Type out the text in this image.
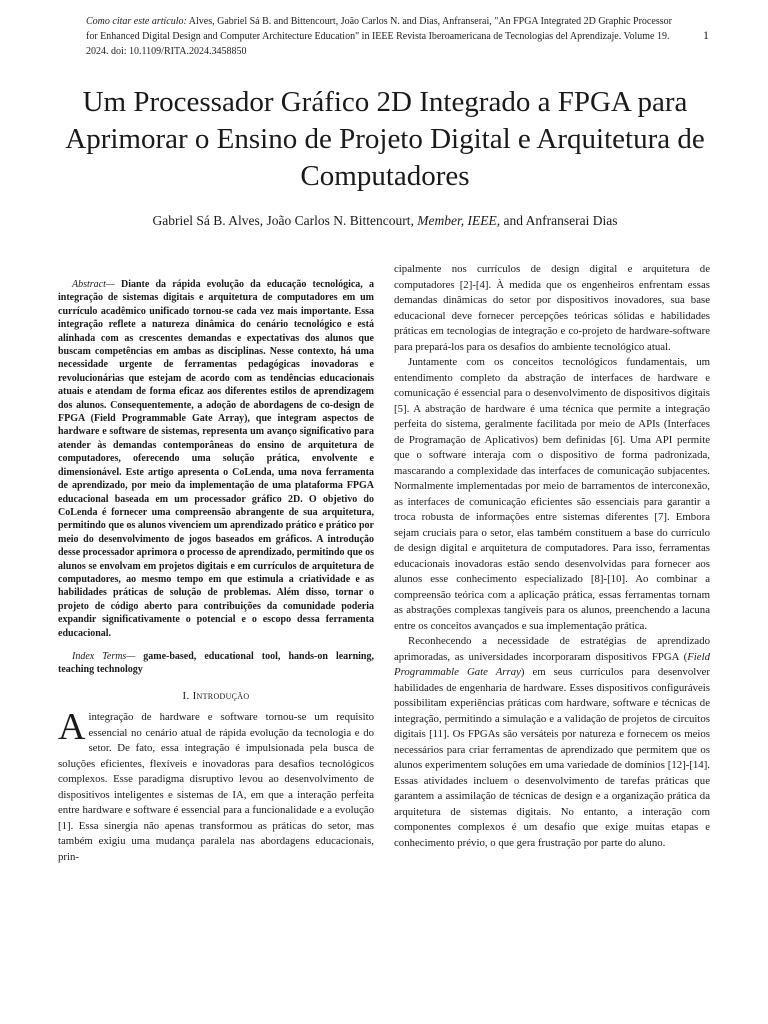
Como citar este artículo: Alves, Gabriel Sá B. and Bittencourt, João Carlos N. and Dias, Anfranserai, "An FPGA Integrated 2D Graphic Processor for Enhanced Digital Design and Computer Architecture Education" in IEEE Revista Iberoamericana de Tecnologias del Aprendizaje. Volume 19. 2024. doi: 10.1109/RITA.2024.3458850
1
Um Processador Gráfico 2D Integrado a FPGA para Aprimorar o Ensino de Projeto Digital e Arquitetura de Computadores
Gabriel Sá B. Alves, João Carlos N. Bittencourt, Member, IEEE, and Anfranserai Dias

Abstract— Diante da rápida evolução da educação tecnológica, a integração de sistemas digitais e arquitetura de computadores em um currículo acadêmico unificado tornou-se cada vez mais importante. Essa integração reflete a natureza dinâmica do cenário tecnológico e está alinhada com as crescentes demandas e expectativas dos alunos que buscam competências em ambas as disciplinas. Nesse contexto, há uma necessidade urgente de ferramentas pedagógicas inovadoras e revolucionárias que estejam de acordo com as tendências educacionais atuais e atendam de forma eficaz aos diferentes estilos de aprendizagem dos alunos. Consequentemente, a adoção de abordagens de co-design de FPGA (Field Programmable Gate Array), que integram aspectos de hardware e software de sistemas, representa um avanço significativo para atender às demandas contemporâneas do ensino de arquitetura de computadores, oferecendo uma solução prática, envolvente e dimensionável. Este artigo apresenta o CoLenda, uma nova ferramenta de aprendizado, por meio da implementação de uma plataforma FPGA educacional baseada em um processador gráfico 2D. O objetivo do CoLenda é fornecer uma compreensão abrangente de sua arquitetura, permitindo que os alunos vivenciem um aprendizado prático e prático por meio do desenvolvimento de jogos baseados em gráficos. A introdução desse processador aprimora o processo de aprendizado, permitindo que os alunos se envolvam em projetos digitais e em currículos de arquitetura de computadores, ao mesmo tempo em que estimula a criatividade e as habilidades práticas de solução de problemas. Além disso, tornar o projeto de código aberto para contribuições da comunidade poderia expandir significativamente o potencial e o escopo dessa ferramenta educacional.

Index Terms— game-based, educational tool, hands-on learning, teaching technology

I. Introdução

Aintegração de hardware e software tornou-se um requisito essencial no cenário atual de rápida evolução da tecnologia e do setor. De fato, essa integração é impulsionada pela busca de soluções eficientes, flexíveis e inovadoras para desafios tecnológicos complexos. Esse paradigma disruptivo levou ao desenvolvimento de dispositivos inteligentes e sistemas de IA, em que a interação perfeita entre hardware e software é essencial para a funcionalidade e a evolução [1]. Essa sinergia não apenas transformou as práticas do setor, mas também exigiu uma mudança paralela nas abordagens educacionais, prin-

cipalmente nos currículos de design digital e arquitetura de computadores [2]-[4]. À medida que os engenheiros enfrentam essas demandas dinâmicas do setor por dispositivos inovadores, sua base educacional deve fornecer percepções teóricas sólidas e habilidades práticas em tecnologias de integração e co-projeto de hardware-software para prepará-los para os desafios do ambiente tecnológico atual.

Juntamente com os conceitos tecnológicos fundamentais, um entendimento completo da abstração de interfaces de hardware e comunicação é essencial para o desenvolvimento de dispositivos digitais [5]. A abstração de hardware é uma técnica que permite a integração perfeita do sistema, geralmente facilitada por meio de APIs (Interfaces de Programação de Aplicativos) bem definidas [6]. Uma API permite que o software interaja com o dispositivo de forma padronizada, mascarando a complexidade das interfaces de comunicação subjacentes. Normalmente implementadas por meio de barramentos de interconexão, as interfaces de comunicação eficientes são essenciais para garantir a troca robusta de informações entre sistemas diferentes [7]. Embora sejam cruciais para o setor, elas também constituem a base do currículo de design digital e arquitetura de computadores. Para isso, ferramentas educacionais inovadoras estão sendo desenvolvidas para fornecer aos alunos esse conhecimento especializado [8]-[10]. Ao combinar a compreensão teórica com a aplicação prática, essas ferramentas tornam as abstrações complexas tangíveis para os alunos, preenchendo a lacuna entre os conceitos avançados e sua implementação prática.

Reconhecendo a necessidade de estratégias de aprendizado aprimoradas, as universidades incorporaram dispositivos FPGA (Field Programmable Gate Array) em seus currículos para desenvolver habilidades de engenharia de hardware. Esses dispositivos configuráveis possibilitam experiências práticas com hardware, software e técnicas de integração, permitindo a simulação e a validação de projetos de circuitos digitais [11]. Os FPGAs são versáteis por natureza e fornecem os meios necessários para criar ferramentas de aprendizado que permitem que os alunos experimentem soluções em uma variedade de domínios [12]-[14]. Essas atividades incluem o desenvolvimento de tarefas práticas que garantem a assimilação de técnicas de design e a organização prática da arquitetura de sistemas digitais. No entanto, a interação com componentes complexos é um desafio que exige muitas etapas e conhecimento prévio, o que gera frustração por parte do aluno.
